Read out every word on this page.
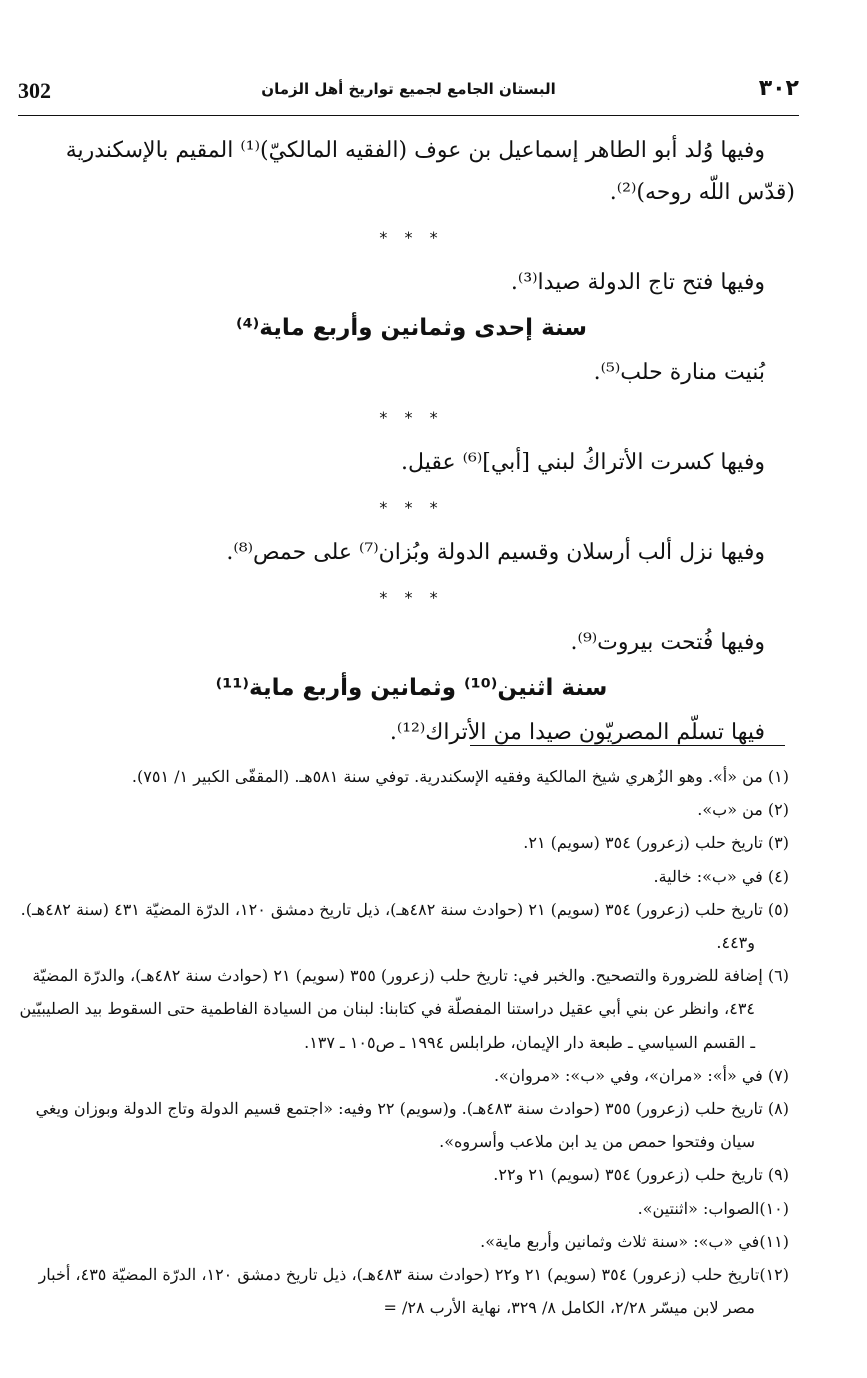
302	البستان الجامع لجميع تواريخ أهل الزمان	٣٠٢

وفيها وُلد أبو الطاهر إسماعيل بن عوف (الفقيه المالكيّ)⁽¹⁾ المقيم بالإسكندرية

(قدّس اللّه روحه)⁽²⁾.

* * *

وفيها فتح تاج الدولة صيدا⁽³⁾.

سنة إحدى وثمانين وأربع ماية⁽⁴⁾

بُنيت منارة حلب⁽⁵⁾.

* * *

وفيها كسرت الأتراكُ لبني [أبي]⁽⁶⁾ عقيل.

* * *

وفيها نزل ألب أرسلان وقسيم الدولة وبُزان⁽⁷⁾ على حمص⁽⁸⁾.

* * *

وفيها فُتحت بيروت⁽⁹⁾.

سنة اثنين⁽¹⁰⁾ وثمانين وأربع ماية⁽¹¹⁾

فيها تسلّم المصريّون صيدا من الأتراك⁽¹²⁾.

(١) من «أ». وهو الزُهري شيخ المالكية وفقيه الإسكندرية. توفي سنة ٥٨١هـ. (المقفّى الكبير ١/ ٧٥١).

(٢) من «ب».

(٣) تاريخ حلب (زعرور) ٣٥٤ (سويم) ٢١.

(٤) في «ب»: خالية.

(٥) تاريخ حلب (زعرور) ٣٥٤ (سويم) ٢١ (حوادث سنة ٤٨٢هـ)، ذيل تاريخ دمشق ١٢٠، الدرّة المضيّة ٤٣١ (سنة ٤٨٢هـ). و٤٤٣.

(٦) إضافة للضرورة والتصحيح. والخبر في: تاريخ حلب (زعرور) ٣٥٥ (سويم) ٢١ (حوادث سنة ٤٨٢هـ)، والدرّة المضيّة ٤٣٤، وانظر عن بني أبي عقيل دراستنا المفصلّة في كتابنا: لبنان من السيادة الفاطمية حتى السقوط بيد الصليبيّين ـ القسم السياسي ـ طبعة دار الإيمان، طرابلس ١٩٩٤ ـ ص١٠٥ ـ ١٣٧.

(٧) في «أ»: «مران»، وفي «ب»: «مروان».

(٨) تاريخ حلب (زعرور) ٣٥٥ (حوادث سنة ٤٨٣هـ). و(سويم) ٢٢ وفيه: «اجتمع قسيم الدولة وتاج الدولة وبوزان ويغي سيان وفتحوا حمص من يد ابن ملاعب وأسروه».

(٩) تاريخ حلب (زعرور) ٣٥٤ (سويم) ٢١ و٢٢.

(١٠)الصواب: «اثنتين».

(١١)في «ب»: «سنة ثلاث وثمانين وأربع ماية».

(١٢)تاريخ حلب (زعرور) ٣٥٤ (سويم) ٢١ و٢٢ (حوادث سنة ٤٨٣هـ)، ذيل تاريخ دمشق ١٢٠، الدرّة المضيّة ٤٣٥، أخبار مصر لابن ميسّر ٢/٢٨، الكامل ٨/ ٣٢٩، نهاية الأرب ٢٨/ =
